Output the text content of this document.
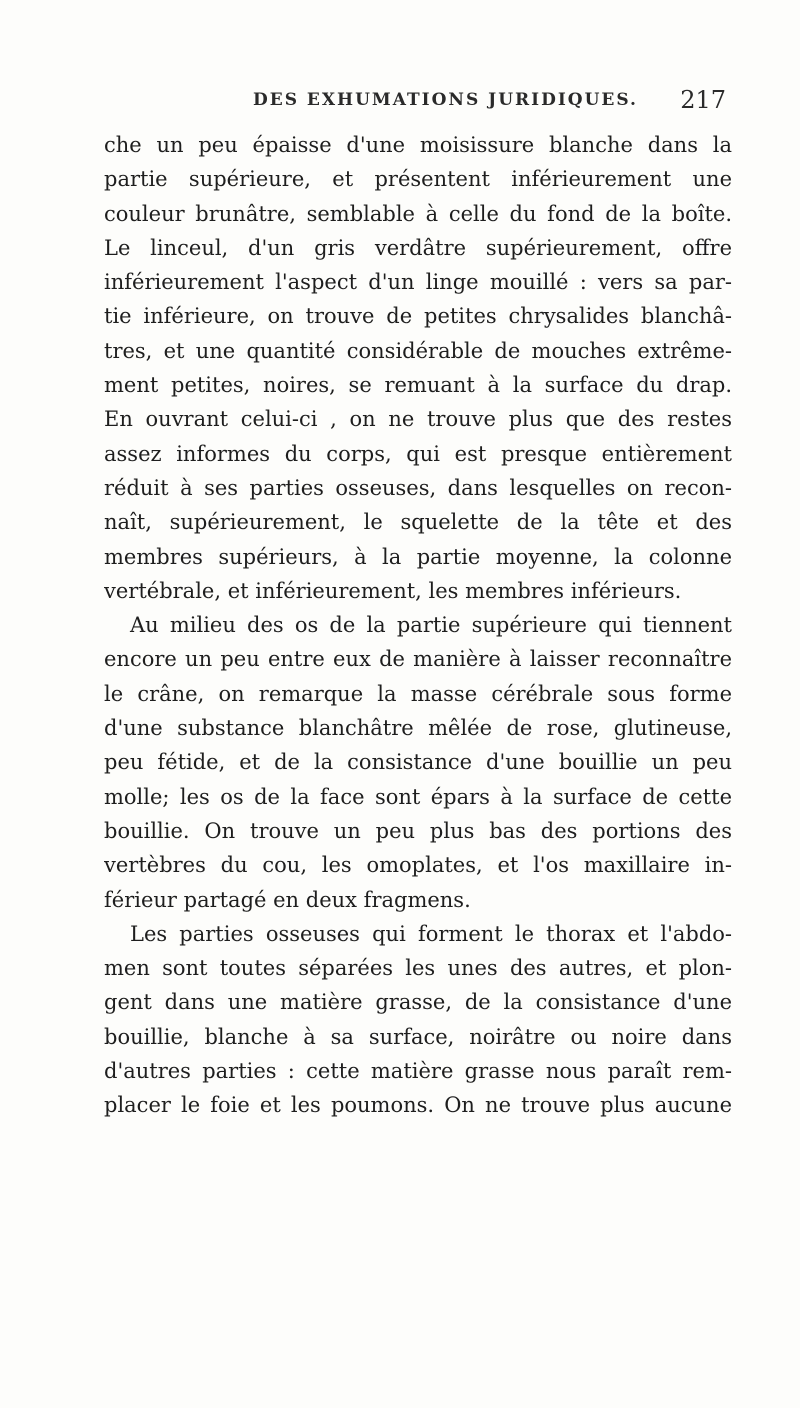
DES EXHUMATIONS JURIDIQUES. 217
che un peu épaisse d'une moisissure blanche dans la
partie supérieure, et présentent inférieurement une
couleur brunâtre, semblable à celle du fond de la boîte.
Le linceul, d'un gris verdâtre supérieurement, offre
inférieurement l'aspect d'un linge mouillé : vers sa par-
tie inférieure, on trouve de petites chrysalides blanchâ-
tres, et une quantité considérable de mouches extrême-
ment petites, noires, se remuant à la surface du drap.
En ouvrant celui-ci , on ne trouve plus que des restes
assez informes du corps, qui est presque entièrement
réduit à ses parties osseuses, dans lesquelles on recon-
naît, supérieurement, le squelette de la tête et des
membres supérieurs, à la partie moyenne, la colonne
vertébrale, et inférieurement, les membres inférieurs.
Au milieu des os de la partie supérieure qui tiennent
encore un peu entre eux de manière à laisser reconnaître
le crâne, on remarque la masse cérébrale sous forme
d'une substance blanchâtre mêlée de rose, glutineuse,
peu fétide, et de la consistance d'une bouillie un peu
molle; les os de la face sont épars à la surface de cette
bouillie. On trouve un peu plus bas des portions des
vertèbres du cou, les omoplates, et l'os maxillaire in-
férieur partagé en deux fragmens.
Les parties osseuses qui forment le thorax et l'abdo-
men sont toutes séparées les unes des autres, et plon-
gent dans une matière grasse, de la consistance d'une
bouillie, blanche à sa surface, noirâtre ou noire dans
d'autres parties : cette matière grasse nous paraît rem-
placer le foie et les poumons. On ne trouve plus aucune
